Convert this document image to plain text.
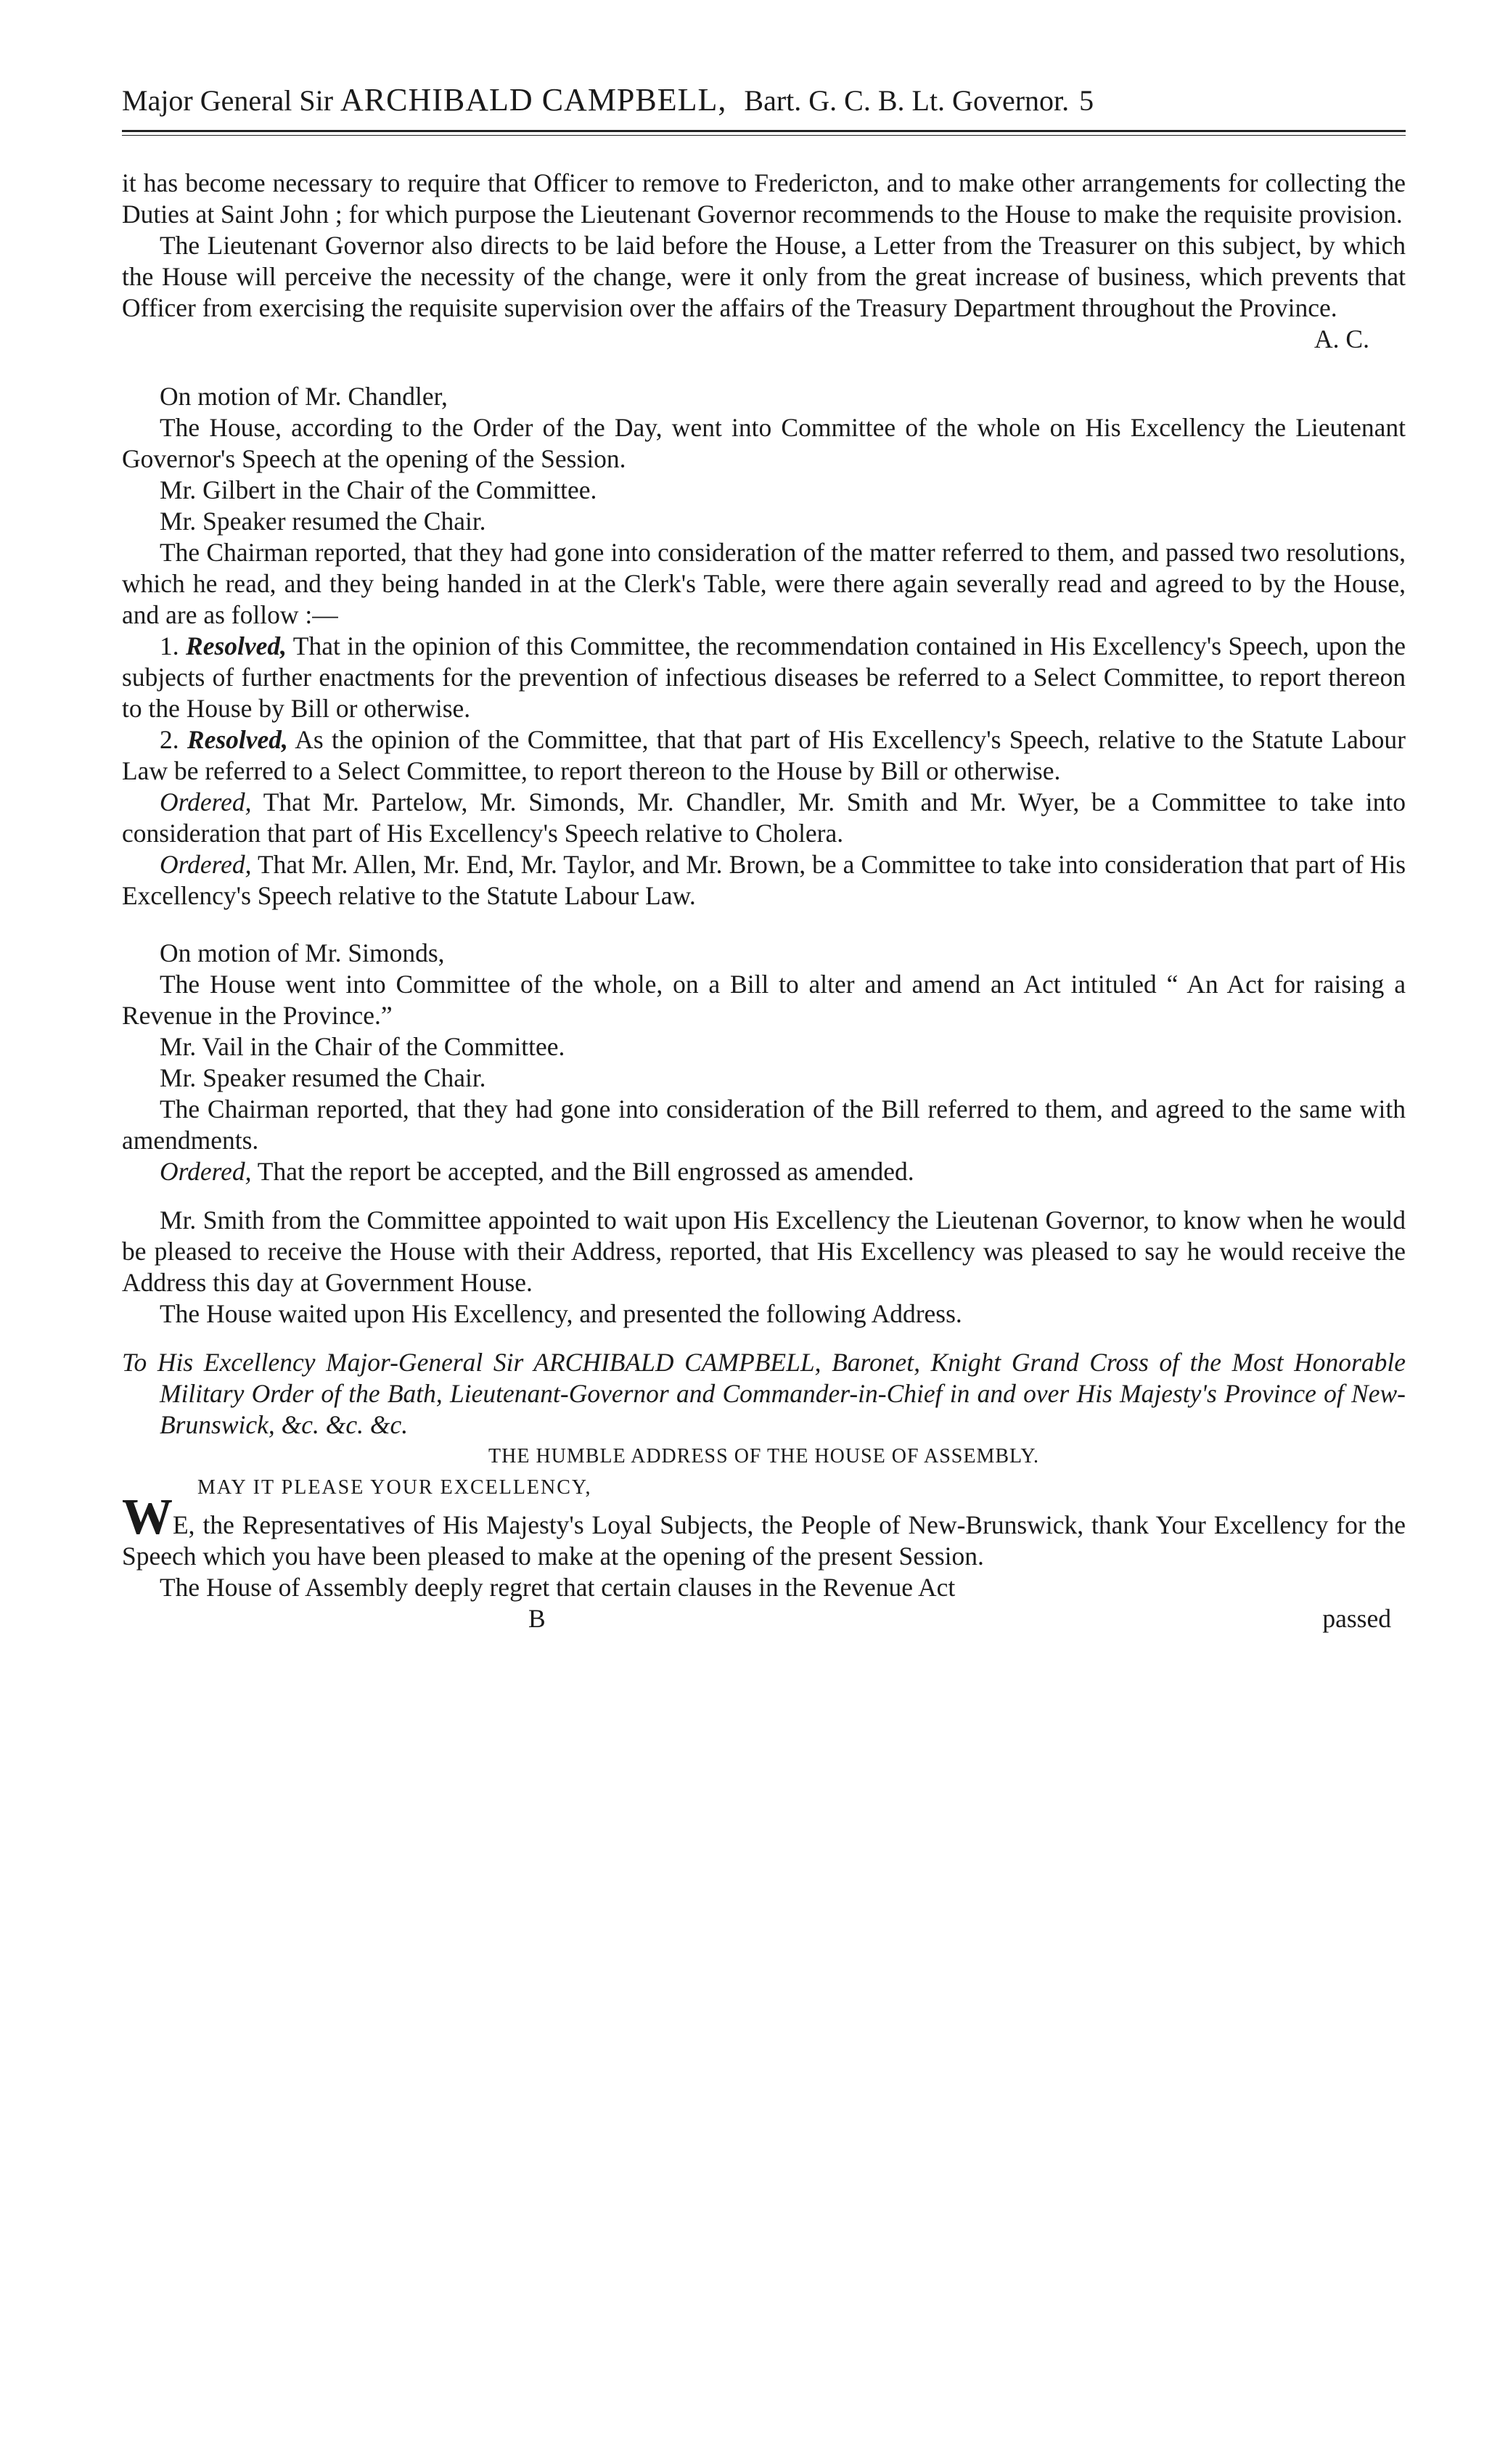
Major General Sir ARCHIBALD CAMPBELL, Bart. G. C. B. Lt. Governor. 5

it has become necessary to require that Officer to remove to Fredericton, and to make other arrangements for collecting the Duties at Saint John ; for which purpose the Lieutenant Governor recommends to the House to make the requisite provision.

The Lieutenant Governor also directs to be laid before the House, a Letter from the Treasurer on this subject, by which the House will perceive the necessity of the change, were it only from the great increase of business, which prevents that Officer from exercising the requisite supervision over the affairs of the Treasury Department throughout the Province.

A. C.

On motion of Mr. Chandler,

The House, according to the Order of the Day, went into Committee of the whole on His Excellency the Lieutenant Governor's Speech at the opening of the Session.

Mr. Gilbert in the Chair of the Committee.

Mr. Speaker resumed the Chair.

The Chairman reported, that they had gone into consideration of the matter referred to them, and passed two resolutions, which he read, and they being handed in at the Clerk's Table, were there again severally read and agreed to by the House, and are as follow :—

1. Resolved, That in the opinion of this Committee, the recommendation contained in His Excellency's Speech, upon the subjects of further enactments for the prevention of infectious diseases be referred to a Select Committee, to report thereon to the House by Bill or otherwise.

2. Resolved, As the opinion of the Committee, that that part of His Excellency's Speech, relative to the Statute Labour Law be referred to a Select Committee, to report thereon to the House by Bill or otherwise.

Ordered, That Mr. Partelow, Mr. Simonds, Mr. Chandler, Mr. Smith and Mr. Wyer, be a Committee to take into consideration that part of His Excellency's Speech relative to Cholera.

Ordered, That Mr. Allen, Mr. End, Mr. Taylor, and Mr. Brown, be a Committee to take into consideration that part of His Excellency's Speech relative to the Statute Labour Law.

On motion of Mr. Simonds,

The House went into Committee of the whole, on a Bill to alter and amend an Act intituled “ An Act for raising a Revenue in the Province.”

Mr. Vail in the Chair of the Committee.

Mr. Speaker resumed the Chair.

The Chairman reported, that they had gone into consideration of the Bill referred to them, and agreed to the same with amendments.

Ordered, That the report be accepted, and the Bill engrossed as amended.

Mr. Smith from the Committee appointed to wait upon His Excellency the Lieutenan Governor, to know when he would be pleased to receive the House with their Address, reported, that His Excellency was pleased to say he would receive the Address this day at Government House.

The House waited upon His Excellency, and presented the following Address.

To His Excellency Major-General Sir ARCHIBALD CAMPBELL, Baronet, Knight Grand Cross of the Most Honorable Military Order of the Bath, Lieutenant-Governor and Commander-in-Chief in and over His Majesty's Province of New-Brunswick, &c. &c. &c.

THE HUMBLE ADDRESS OF THE HOUSE OF ASSEMBLY.

MAY IT PLEASE YOUR EXCELLENCY,

WE, the Representatives of His Majesty's Loyal Subjects, the People of New-Brunswick, thank Your Excellency for the Speech which you have been pleased to make at the opening of the present Session.

The House of Assembly deeply regret that certain clauses in the Revenue Act

B	passed
